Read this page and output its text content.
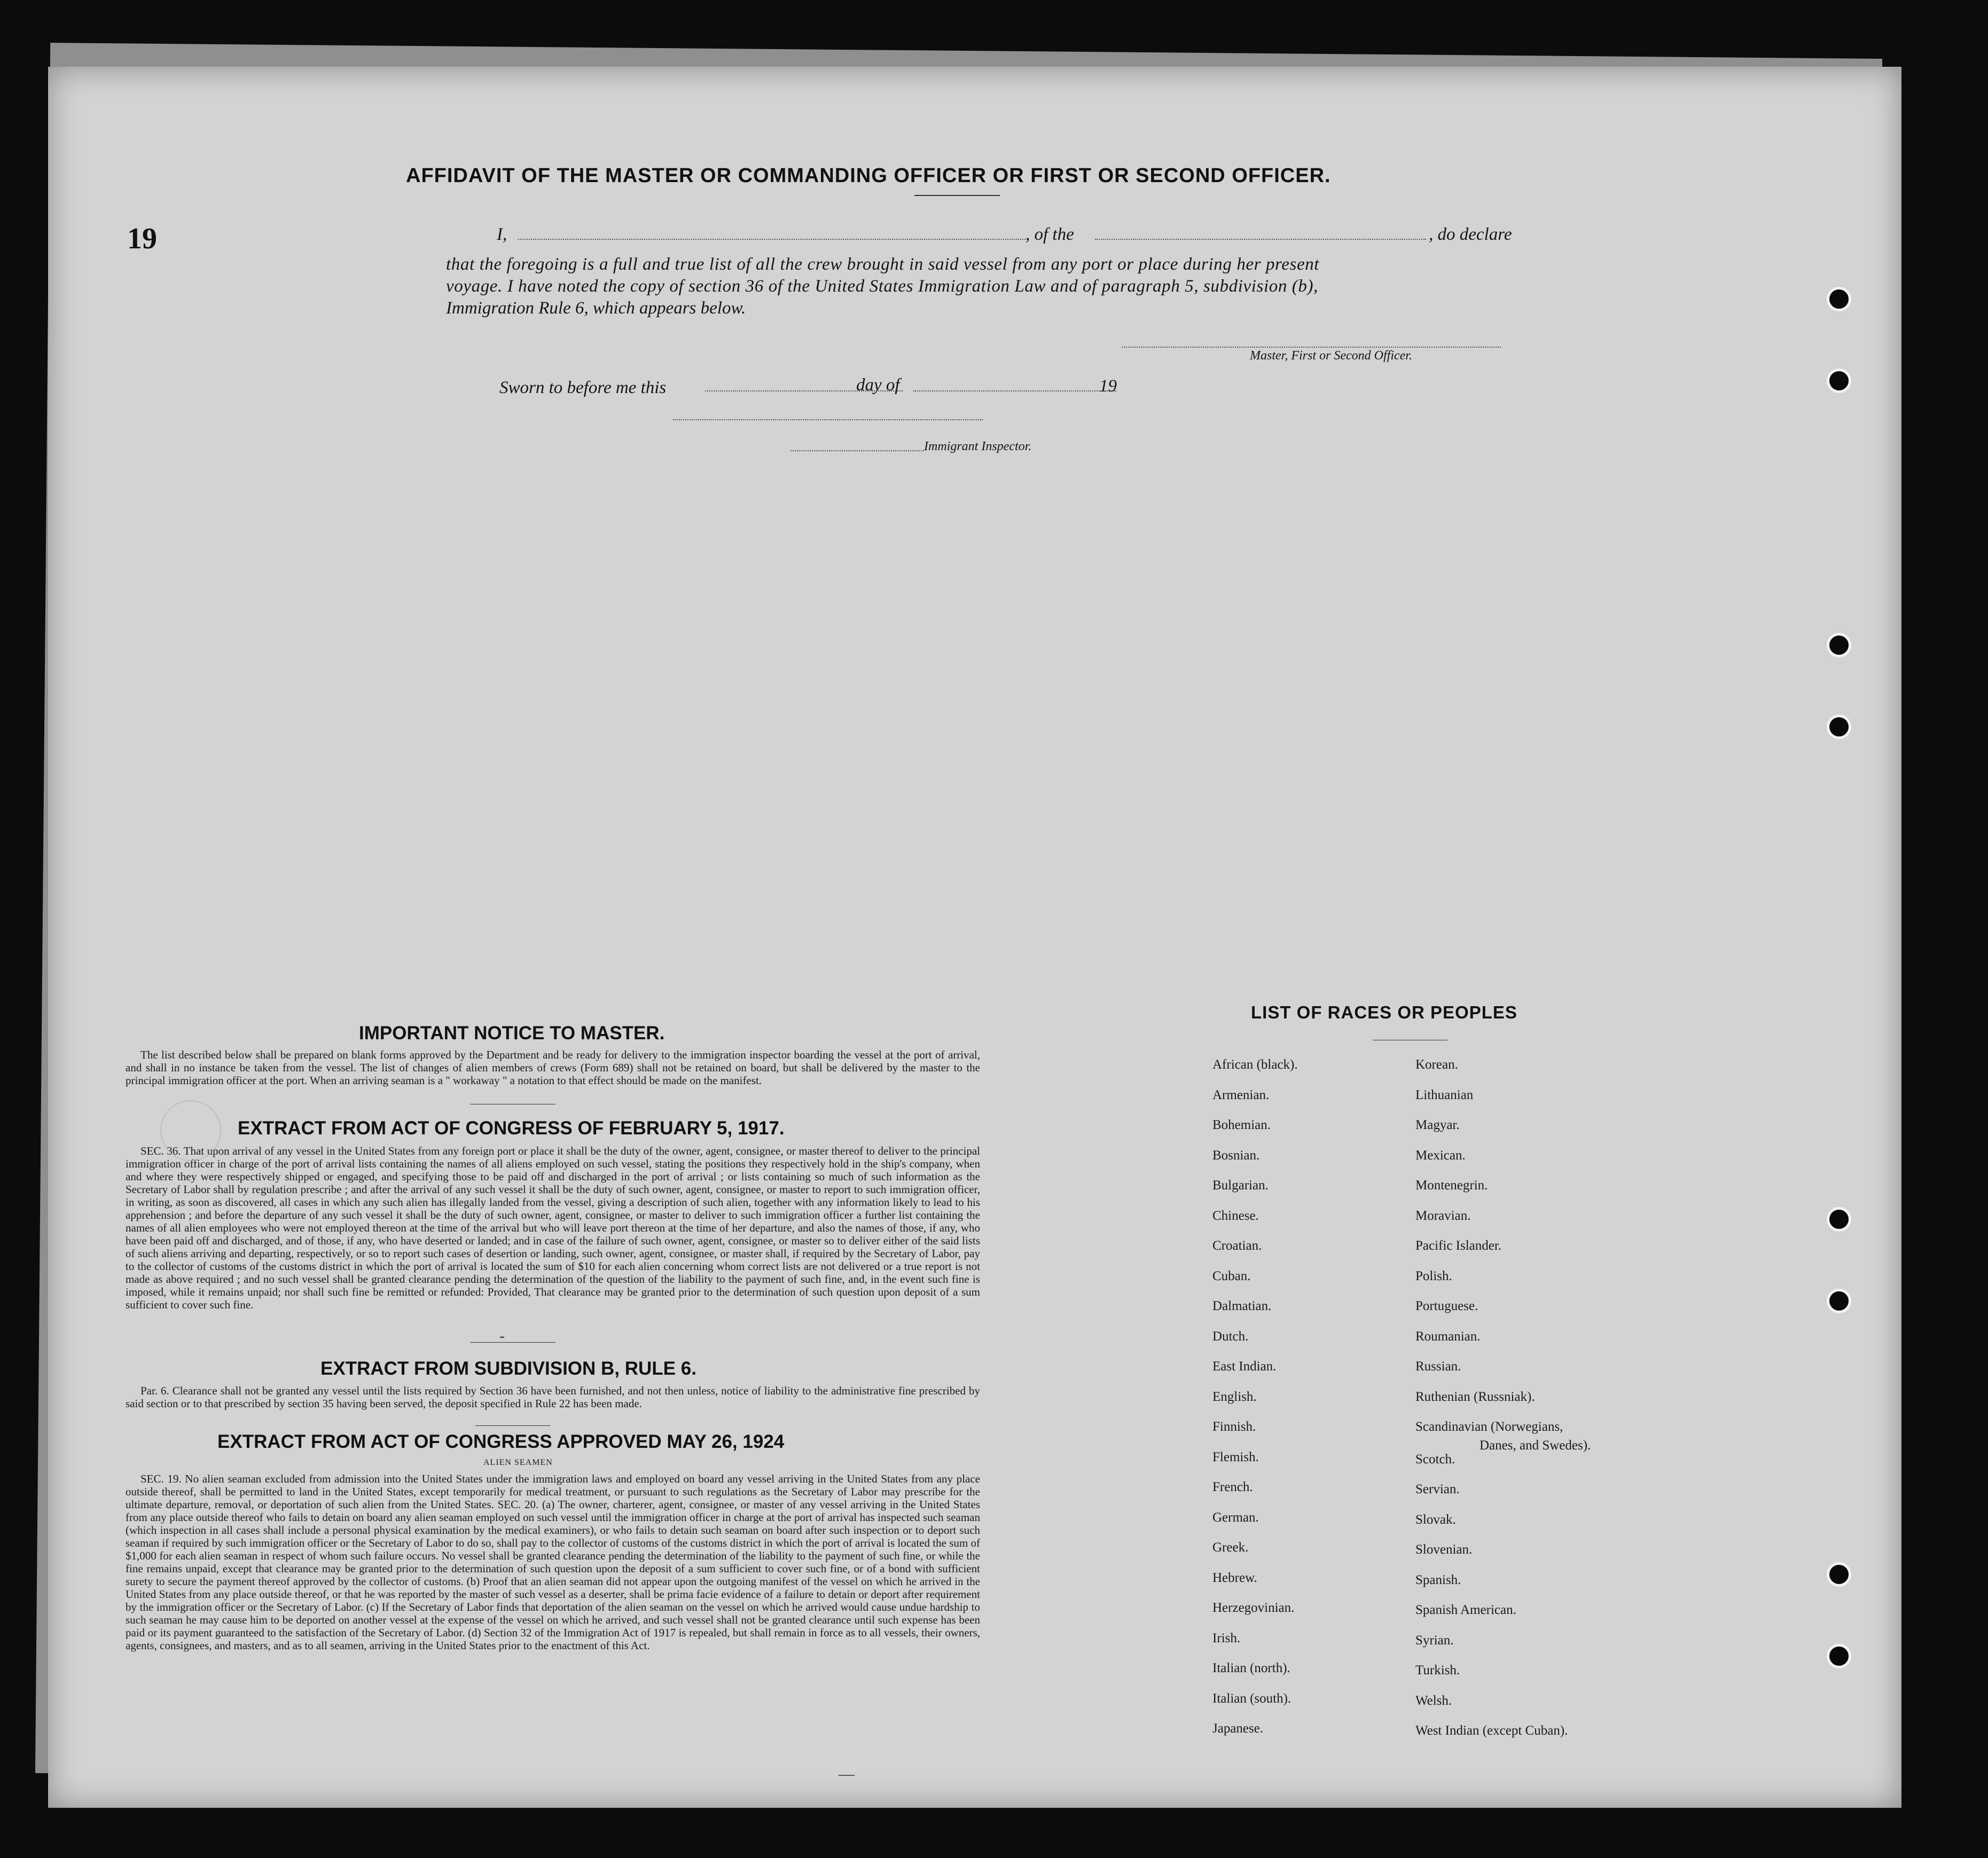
19
AFFIDAVIT OF THE MASTER OR COMMANDING OFFICER OR FIRST OR SECOND OFFICER.
I,	, of the	, do declare
that the foregoing is a full and true list of all the crew brought in said vessel from any port or place during her present
voyage. I have noted the copy of section 36 of the United States Immigration Law and of paragraph 5, subdivision (b),
Immigration Rule 6, which appears below.
Master, First or Second Officer.
Sworn to before me this	day of	19
Immigrant Inspector.
IMPORTANT NOTICE TO MASTER.
The list described below shall be prepared on blank forms approved by the Department and be ready for delivery to the immigration inspector boarding the vessel at the port of arrival, and shall in no instance be taken from the vessel. The list of changes of alien members of crews (Form 689) shall not be retained on board, but shall be delivered by the master to the principal immigration officer at the port. When an arriving seaman is a " workaway " a notation to that effect should be made on the manifest.
EXTRACT FROM ACT OF CONGRESS OF FEBRUARY 5, 1917.
SEC. 36. That upon arrival of any vessel in the United States from any foreign port or place it shall be the duty of the owner, agent, consignee, or master thereof to deliver to the principal immigration officer in charge of the port of arrival lists containing the names of all aliens employed on such vessel, stating the positions they respectively hold in the ship's company, when and where they were respectively shipped or engaged, and specifying those to be paid off and discharged in the port of arrival ; or lists containing so much of such information as the Secretary of Labor shall by regulation prescribe ; and after the arrival of any such vessel it shall be the duty of such owner, agent, consignee, or master to report to such immigration officer, in writing, as soon as discovered, all cases in which any such alien has illegally landed from the vessel, giving a description of such alien, together with any information likely to lead to his apprehension ; and before the departure of any such vessel it shall be the duty of such owner, agent, consignee, or master to deliver to such immigration officer a further list containing the names of all alien employees who were not employed thereon at the time of the arrival but who will leave port thereon at the time of her departure, and also the names of those, if any, who have been paid off and discharged, and of those, if any, who have deserted or landed; and in case of the failure of such owner, agent, consignee, or master so to deliver either of the said lists of such aliens arriving and departing, respectively, or so to report such cases of desertion or landing, such owner, agent, consignee, or master shall, if required by the Secretary of Labor, pay to the collector of customs of the customs district in which the port of arrival is located the sum of $10 for each alien concerning whom correct lists are not delivered or a true report is not made as above required ; and no such vessel shall be granted clearance pending the determination of the question of the liability to the payment of such fine, and, in the event such fine is imposed, while it remains unpaid; nor shall such fine be remitted or refunded: Provided, That clearance may be granted prior to the determination of such question upon deposit of a sum sufficient to cover such fine.
EXTRACT FROM SUBDIVISION B, RULE 6.
Par. 6. Clearance shall not be granted any vessel until the lists required by Section 36 have been furnished, and not then unless, notice of liability to the administrative fine prescribed by said section or to that prescribed by section 35 having been served, the deposit specified in Rule 22 has been made.
EXTRACT FROM ACT OF CONGRESS APPROVED MAY 26, 1924
ALIEN SEAMEN
SEC. 19. No alien seaman excluded from admission into the United States under the immigration laws and employed on board any vessel arriving in the United States from any place outside thereof, shall be permitted to land in the United States, except temporarily for medical treatment, or pursuant to such regulations as the Secretary of Labor may prescribe for the ultimate departure, removal, or deportation of such alien from the United States. SEC. 20. (a) The owner, charterer, agent, consignee, or master of any vessel arriving in the United States from any place outside thereof who fails to detain on board any alien seaman employed on such vessel until the immigration officer in charge at the port of arrival has inspected such seaman (which inspection in all cases shall include a personal physical examination by the medical examiners), or who fails to detain such seaman on board after such inspection or to deport such seaman if required by such immigration officer or the Secretary of Labor to do so, shall pay to the collector of customs of the customs district in which the port of arrival is located the sum of $1,000 for each alien seaman in respect of whom such failure occurs. No vessel shall be granted clearance pending the determination of the liability to the payment of such fine, or while the fine remains unpaid, except that clearance may be granted prior to the determination of such question upon the deposit of a sum sufficient to cover such fine, or of a bond with sufficient surety to secure the payment thereof approved by the collector of customs. (b) Proof that an alien seaman did not appear upon the outgoing manifest of the vessel on which he arrived in the United States from any place outside thereof, or that he was reported by the master of such vessel as a deserter, shall be prima facie evidence of a failure to detain or deport after requirement by the immigration officer or the Secretary of Labor. (c) If the Secretary of Labor finds that deportation of the alien seaman on the vessel on which he arrived would cause undue hardship to such seaman he may cause him to be deported on another vessel at the expense of the vessel on which he arrived, and such vessel shall not be granted clearance until such expense has been paid or its payment guaranteed to the satisfaction of the Secretary of Labor. (d) Section 32 of the Immigration Act of 1917 is repealed, but shall remain in force as to all vessels, their owners, agents, consignees, and masters, and as to all seamen, arriving in the United States prior to the enactment of this Act.
-
—
LIST OF RACES OR PEOPLES
African (black).
Armenian.
Bohemian.
Bosnian.
Bulgarian.
Chinese.
Croatian.
Cuban.
Dalmatian.
Dutch.
East Indian.
English.
Finnish.
Flemish.
French.
German.
Greek.
Hebrew.
Herzegovinian.
Irish.
Italian (north).
Italian (south).
Japanese.
Korean.
Lithuanian
Magyar.
Mexican.
Montenegrin.
Moravian.
Pacific Islander.
Polish.
Portuguese.
Roumanian.
Russian.
Ruthenian (Russniak).
Scandinavian (Norwegians,
Scotch.
Servian.
Slovak.
Slovenian.
Spanish.
Spanish American.
Syrian.
Turkish.
Welsh.
West Indian (except Cuban).
Danes, and Swedes).
